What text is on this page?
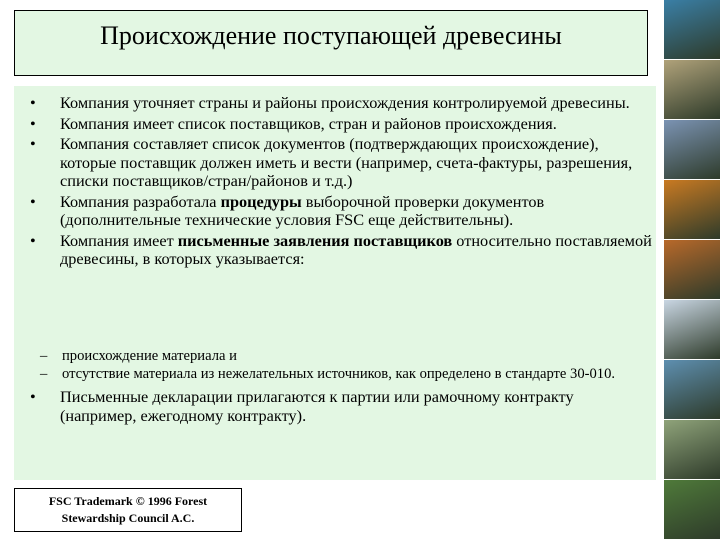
Происхождение поступающей древесины
• Компания уточняет страны и районы происхождения контролируемой древесины.
• Компания имеет список поставщиков, стран и районов происхождения.
• Компания составляет список документов (подтверждающих происхождение), которые поставщик должен иметь и вести (например, счета-фактуры, разрешения, списки поставщиков/стран/районов и т.д.)
• Компания разработала процедуры выборочной проверки документов (дополнительные технические условия FSC еще действительны).
• Компания имеет письменные заявления поставщиков относительно поставляемой древесины, в которых указывается:
– происхождение материала и
– отсутствие материала из нежелательных источников, как определено в стандарте 30-010.
• Письменные декларации прилагаются к партии или рамочному контракту (например, ежегодному контракту).
FSC Trademark © 1996 Forest
Stewardship Council A.C.
